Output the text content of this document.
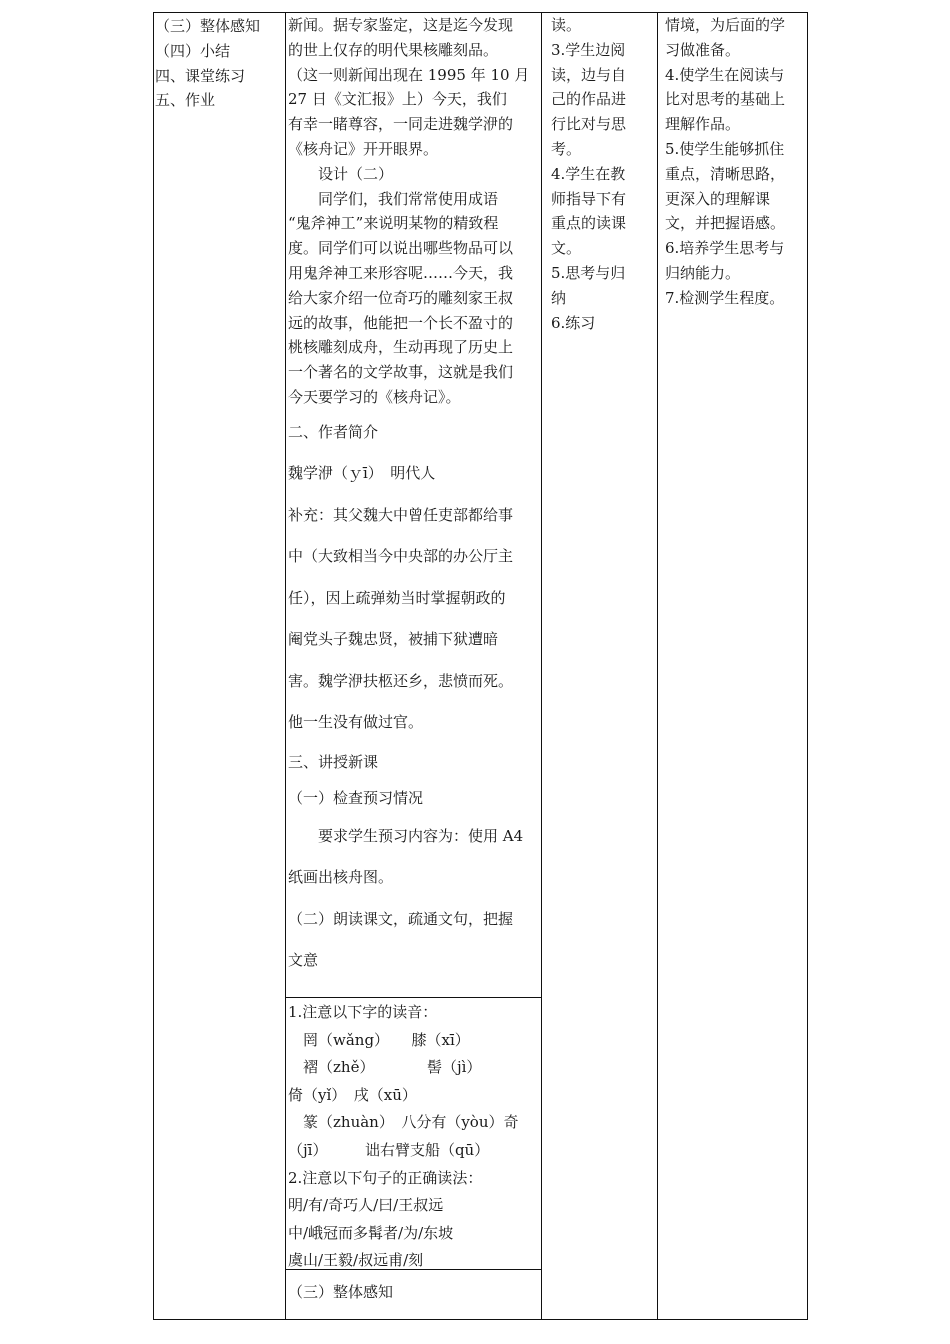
（三）整体感知
（四）小结
四、课堂练习
五、作业
新闻。据专家鉴定，这是迄今发现
的世上仅存的明代果核雕刻品。
（这一则新闻出现在 1995 年 10 月
27 日《文汇报》上）今天，我们
有幸一睹尊容，一同走进魏学洢的
《核舟记》开开眼界。
　　设计（二）
　　同学们，我们常常使用成语
“鬼斧神工”来说明某物的精致程
度。同学们可以说出哪些物品可以
用鬼斧神工来形容呢……今天，我
给大家介绍一位奇巧的雕刻家王叔
远的故事，他能把一个长不盈寸的
桃核雕刻成舟，生动再现了历史上
一个著名的文学故事，这就是我们
今天要学习的《核舟记》。
二、作者简介
魏学洢（ｙī）　明代人
补充：其父魏大中曾任吏部都给事
中（大致相当今中央部的办公厅主
任），因上疏弹劾当时掌握朝政的
阉党头子魏忠贤，被捕下狱遭暗
害。魏学洢扶柩还乡，悲愤而死。
他一生没有做过官。
三、讲授新课
（一）检查预习情况
　　要求学生预习内容为：使用 A4
纸画出核舟图。
（二）朗读课文，疏通文句，把握
文意
1.注意以下字的读音：
　罔（wǎng）　　膝（xī）
　褶（zhě）　　　　髻（jì）
倚（yǐ）　戌（xū）
　篆（zhuàn）　八分有（yòu）奇
（jī）　　　诎右臂支船（qū）
2.注意以下句子的正确读法：
明/有/奇巧人/曰/王叔远
中/峨冠而多髯者/为/东坡
虞山/王毅/叔远甫/刻
（三）整体感知
读。
3.学生边阅
读，边与自
己的作品进
行比对与思
考。
4.学生在教
师指导下有
重点的读课
文。
5.思考与归
纳
6.练习
情境，为后面的学
习做准备。
4.使学生在阅读与
比对思考的基础上
理解作品。
5.使学生能够抓住
重点，清晰思路，
更深入的理解课
文，并把握语感。
6.培养学生思考与
归纳能力。
7.检测学生程度。
